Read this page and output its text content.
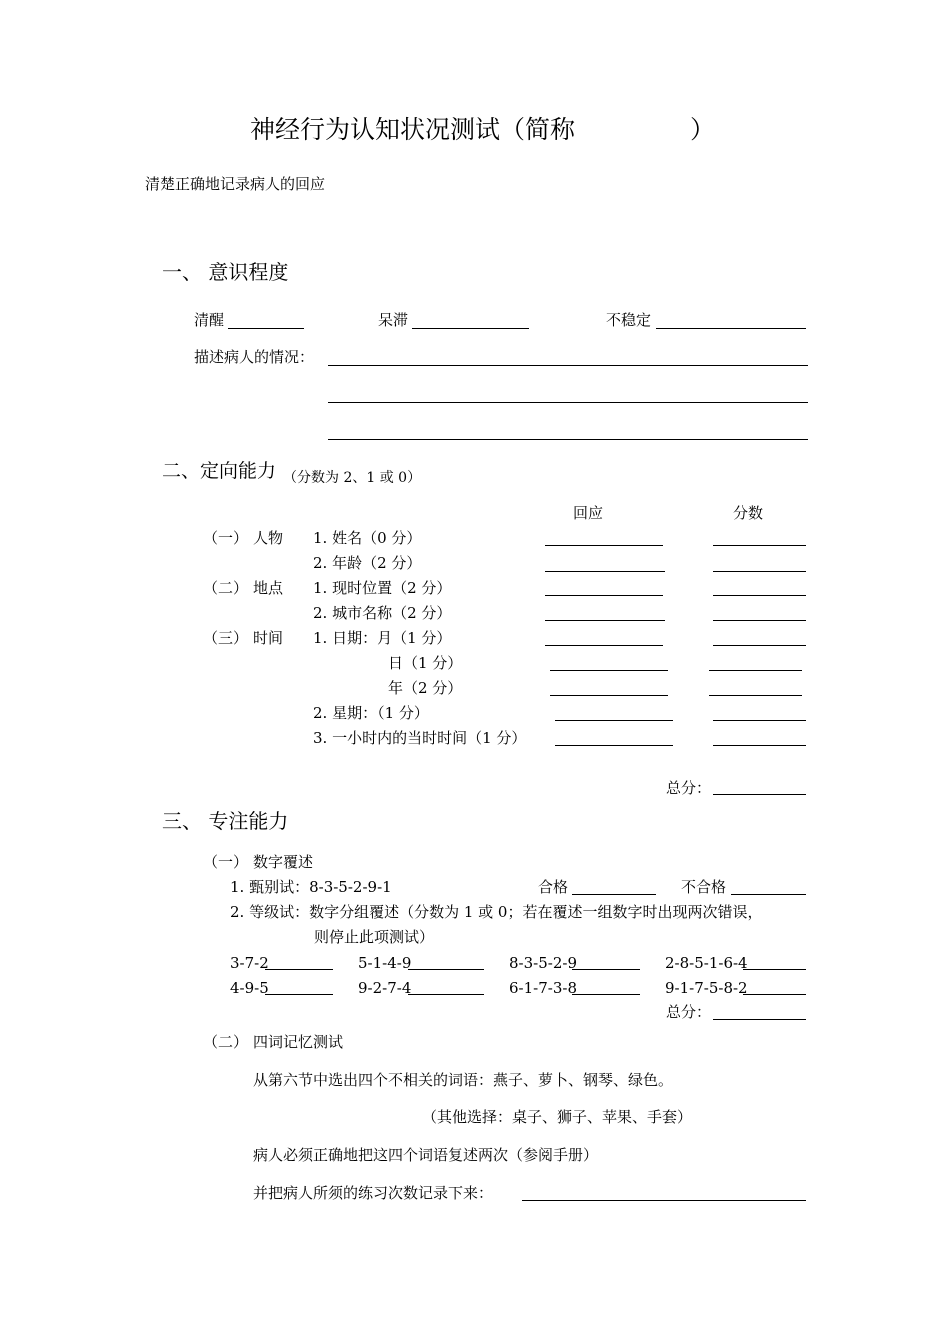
神经行为认知状况测试（简称	）
清楚正确地记录病人的回应
一、 意识程度
清醒	呆滞	不稳定
描述病人的情况：
二、定向能力 （分数为 2、1 或 0）
回应	分数
（一） 人物 1. 姓名（0 分）
2. 年龄（2 分）
（二） 地点 1. 现时位置（2 分）
2. 城市名称（2 分）
（三） 时间 1. 日期：月（1 分）
日（1 分）
年（2 分）
2. 星期：（1 分）
3. 一小时内的当时时间（1 分）
总分：
三、 专注能力
（一） 数字覆述
1. 甄别试：8-3-5-2-9-1	合格	不合格
2. 等级试：数字分组覆述（分数为 1 或 0；若在覆述一组数字时出现两次错误，
则停止此项测试）
3-7-2	5-1-4-9	8-3-5-2-9	2-8-5-1-6-4
4-9-5	9-2-7-4	6-1-7-3-8	9-1-7-5-8-2
总分：
（二） 四词记忆测试
从第六节中选出四个不相关的词语：燕子、萝卜、钢琴、绿色。
（其他选择：桌子、狮子、苹果、手套）
病人必须正确地把这四个词语复述两次（参阅手册）
并把病人所须的练习次数记录下来：
